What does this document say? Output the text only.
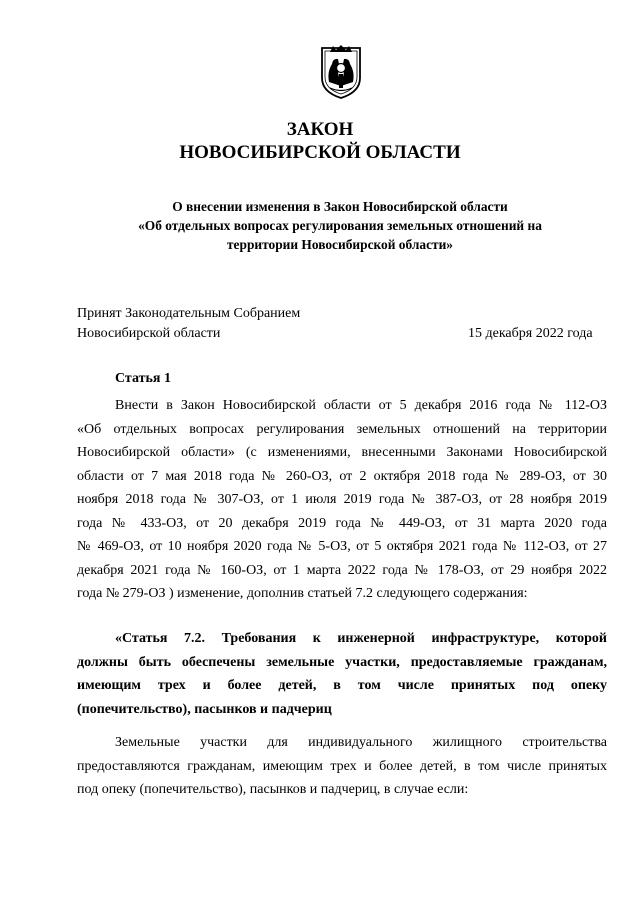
ЗАКОН
НОВОСИБИРСКОЙ ОБЛАСТИ
О внесении изменения в Закон Новосибирской области
«Об отдельных вопросах регулирования земельных отношений на
территории Новосибирской области»
Принят Законодательным Собранием
Новосибирской области	15 декабря 2022 года
Статья 1
Внести в Закон Новосибирской области от 5 декабря 2016 года № 112-ОЗ
«Об отдельных вопросах регулирования земельных отношений на территории
Новосибирской области» (с изменениями, внесенными Законами Новосибирской
области от 7 мая 2018 года № 260-ОЗ, от 2 октября 2018 года № 289-ОЗ, от 30
ноября 2018 года № 307-ОЗ, от 1 июля 2019 года № 387-ОЗ, от 28 ноября 2019
года № 433-ОЗ, от 20 декабря 2019 года № 449-ОЗ, от 31 марта 2020 года
№ 469-ОЗ, от 10 ноября 2020 года № 5-ОЗ, от 5 октября 2021 года № 112-ОЗ, от 27
декабря 2021 года № 160-ОЗ, от 1 марта 2022 года № 178-ОЗ, от 29 ноября 2022
года № 279-ОЗ ) изменение, дополнив статьей 7.2 следующего содержания:
«Статья 7.2. Требования к инженерной инфраструктуре, которой
должны быть обеспечены земельные участки, предоставляемые гражданам,
имеющим трех и более детей, в том числе принятых под опеку
(попечительство), пасынков и падчериц
Земельные участки для индивидуального жилищного строительства
предоставляются гражданам, имеющим трех и более детей, в том числе принятых
под опеку (попечительство), пасынков и падчериц, в случае если:
